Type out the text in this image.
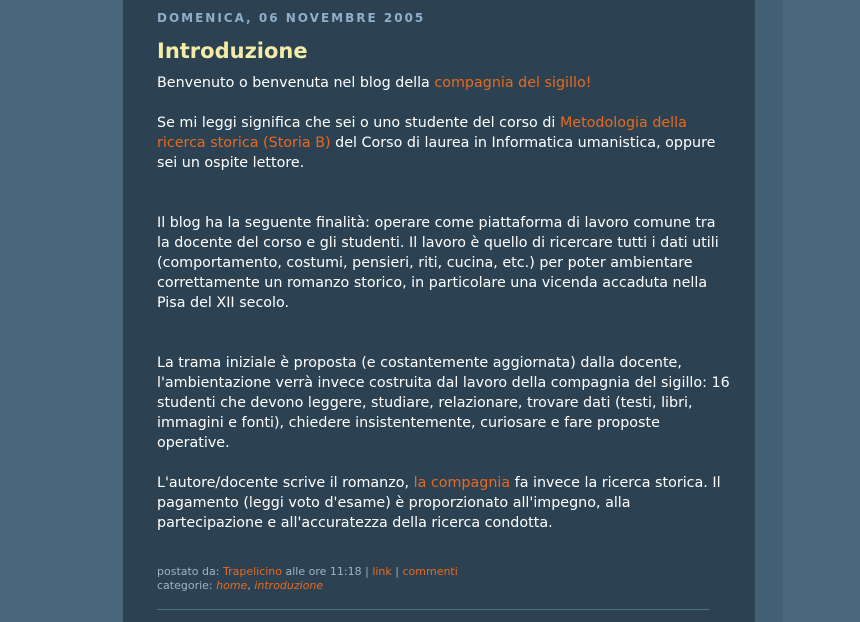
DOMENICA, 06 NOVEMBRE 2005
Introduzione

Benvenuto o benvenuta nel blog della compagnia del sigillo!

Se mi leggi significa che sei o uno studente del corso di Metodologia della ricerca storica (Storia B) del Corso di laurea in Informatica umanistica, oppure sei un ospite lettore.

Il blog ha la seguente finalità: operare come piattaforma di lavoro comune tra la docente del corso e gli studenti. Il lavoro è quello di ricercare tutti i dati utili (comportamento, costumi, pensieri, riti, cucina, etc.) per poter ambientare correttamente un romanzo storico, in particolare una vicenda accaduta nella Pisa del XII secolo.

La trama iniziale è proposta (e costantemente aggiornata) dalla docente, l'ambientazione verrà invece costruita dal lavoro della compagnia del sigillo: 16 studenti che devono leggere, studiare, relazionare, trovare dati (testi, libri, immagini e fonti), chiedere insistentemente, curiosare e fare proposte operative.

L'autore/docente scrive il romanzo, la compagnia fa invece la ricerca storica. Il pagamento (leggi voto d'esame) è proporzionato all'impegno, alla partecipazione e all'accuratezza della ricerca condotta.

postato da: Trapelicino alle ore 11:18 | link | commenti
categorie: home, introduzione
